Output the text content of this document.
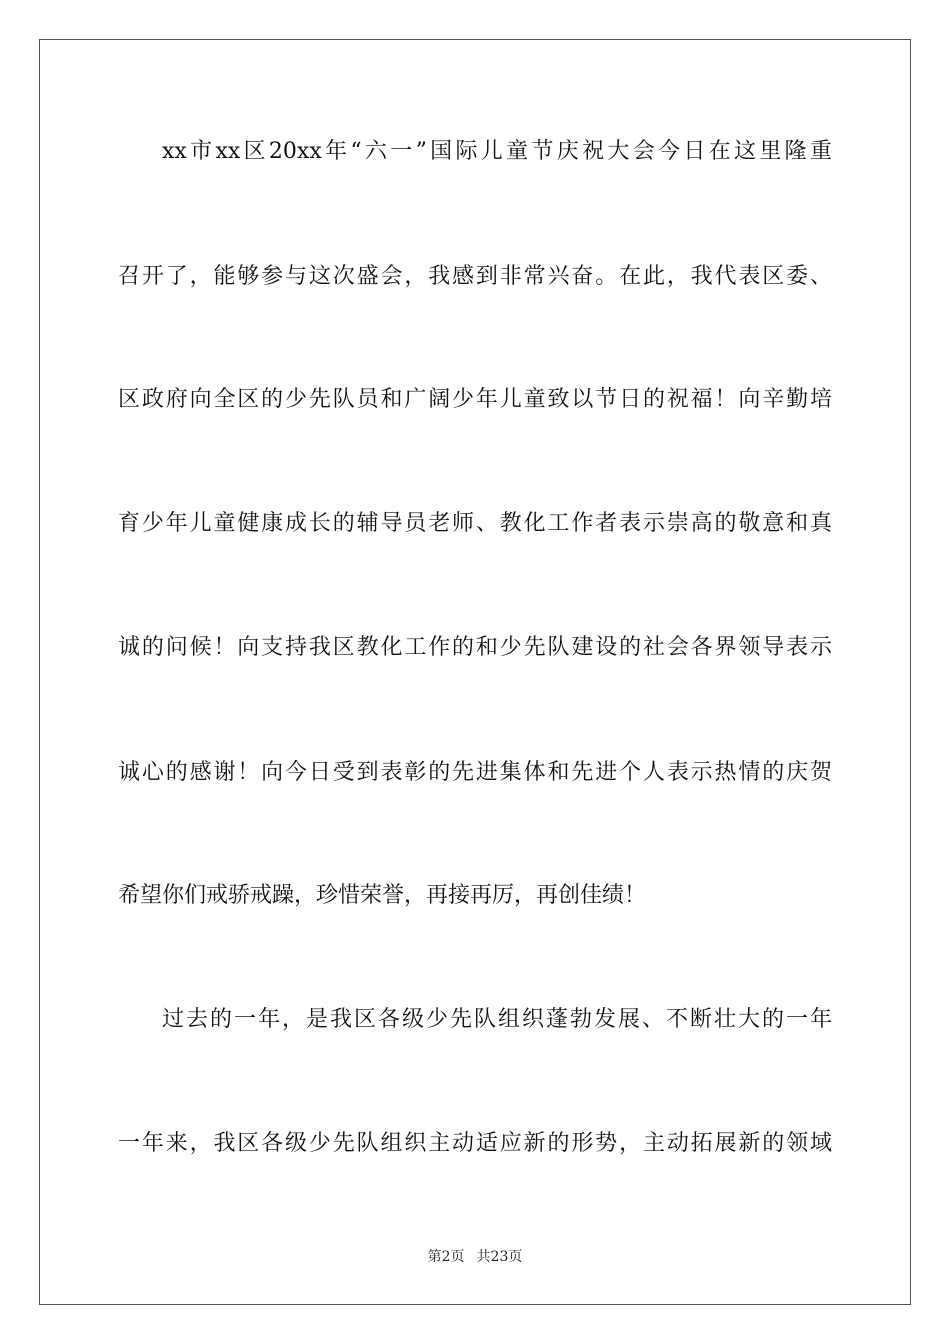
xx市xx区20xx年“六一”国际儿童节庆祝大会今日在这里隆重
召开了，能够参与这次盛会，我感到非常兴奋。在此，我代表区委、
区政府向全区的少先队员和广阔少年儿童致以节日的祝福！向辛勤培
育少年儿童健康成长的辅导员老师、教化工作者表示崇高的敬意和真
诚的问候！向支持我区教化工作的和少先队建设的社会各界领导表示
诚心的感谢！向今日受到表彰的先进集体和先进个人表示热情的庆贺
希望你们戒骄戒躁，珍惜荣誉，再接再厉，再创佳绩！
过去的一年，是我区各级少先队组织蓬勃发展、不断壮大的一年
一年来，我区各级少先队组织主动适应新的形势，主动拓展新的领域
第2页 共23页
